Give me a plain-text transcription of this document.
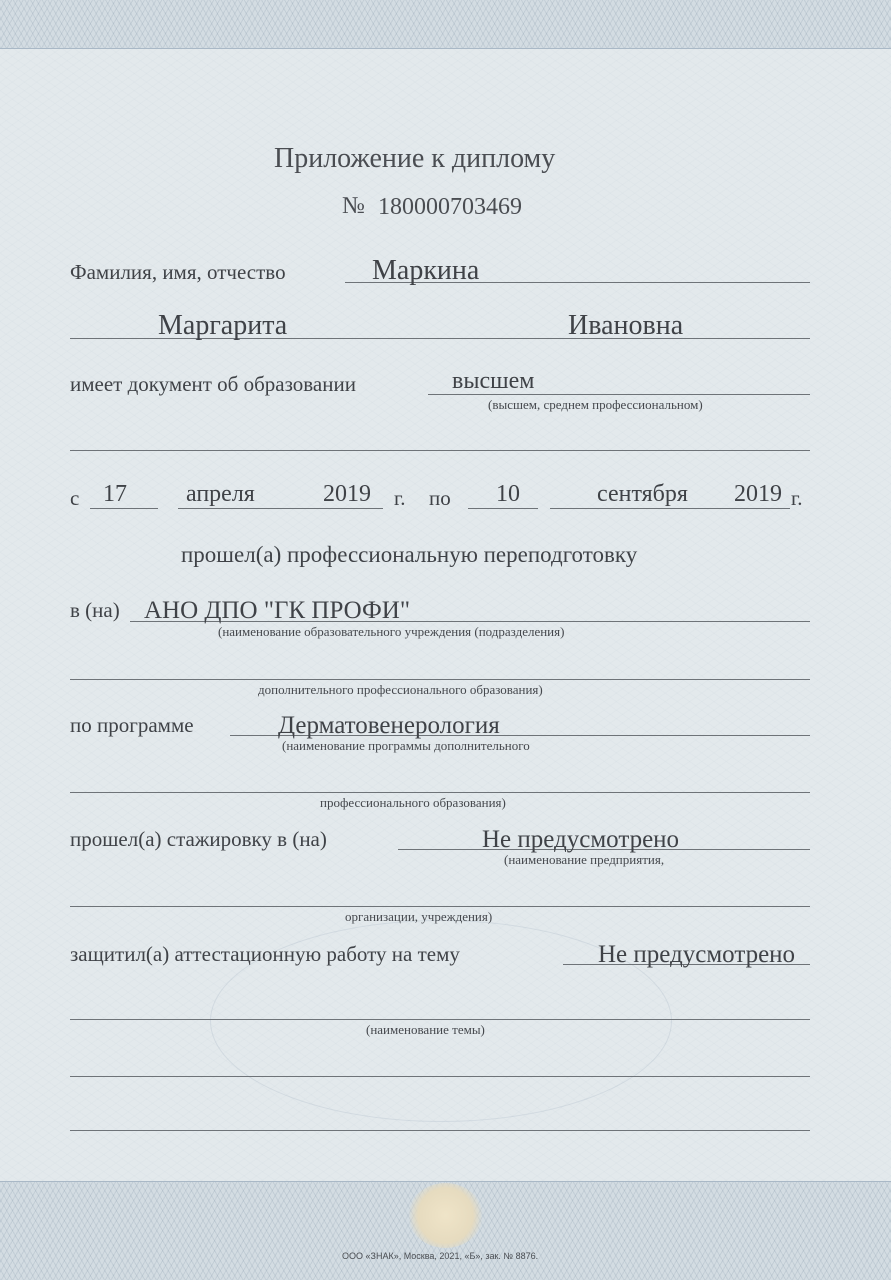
Приложение к диплому
№ 180000703469
Фамилия, имя, отчество	Маркина
Маргарита	Ивановна
имеет документ об образовании	высшем
(высшем, среднем профессиональном)
с 17 апреля	2019 г. по 10	сентября 2019 г.
прошел(а) профессиональную переподготовку
в (на) АНО ДПО "ГК ПРОФИ"
(наименование образовательного учреждения (подразделения)
дополнительного профессионального образования)
по программе	Дерматовенерология
(наименование программы дополнительного
профессионального образования)
прошел(а) стажировку в (на)	Не предусмотрено
(наименование предприятия,
организации, учреждения)
защитил(а) аттестационную работу на тему	Не предусмотрено
(наименование темы)
ООО «ЗНАК», Москва, 2021, «Б», зак. № 8876.
